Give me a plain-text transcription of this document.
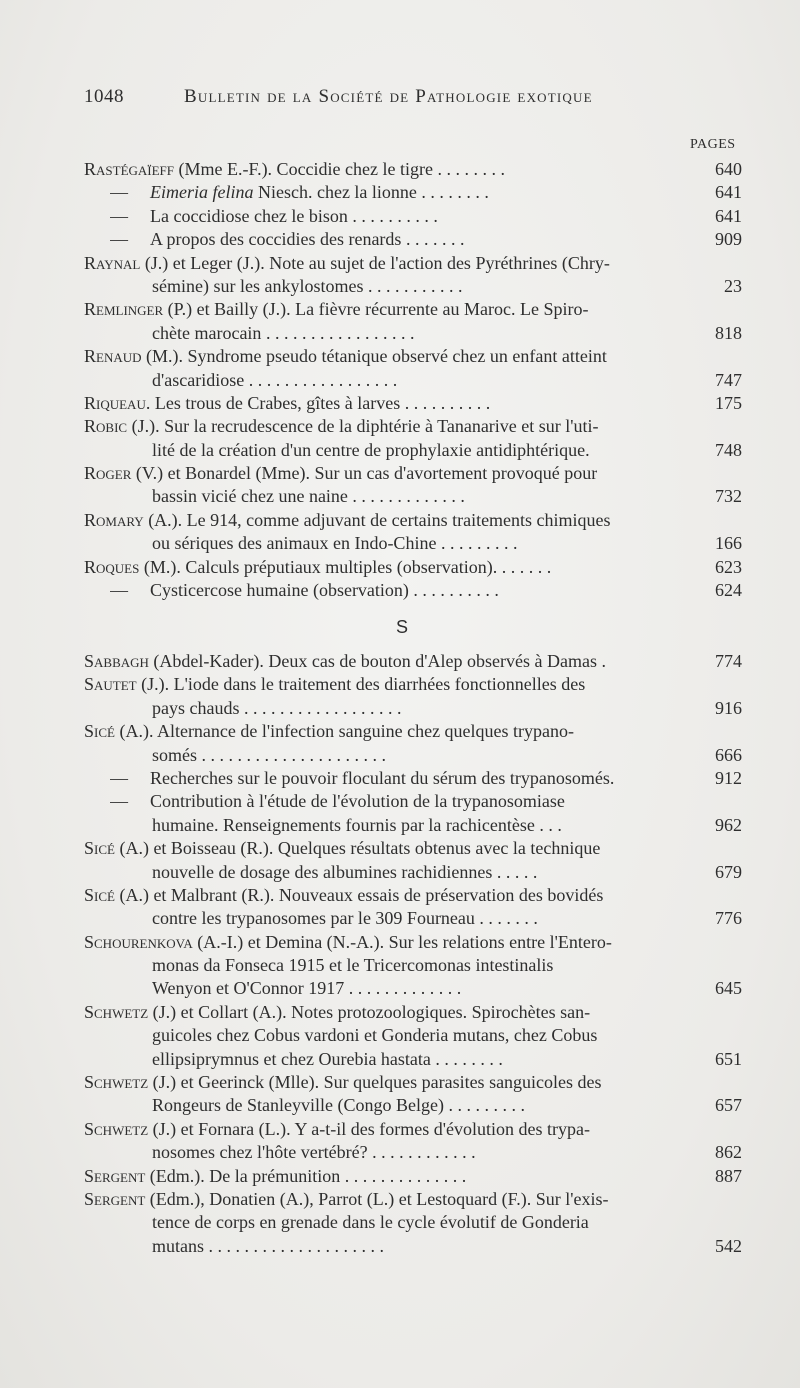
1048	Bulletin de la Société de Pathologie exotique
PAGES
Rastégaïeff (Mme E.-F.). Coccidie chez le tigre . . . . . . . .	640
— Eimeria felina Niesch. chez la lionne . . . . . . . .	641
— La coccidiose chez le bison . . . . . . . . . .	641
— A propos des coccidies des renards . . . . . . .	909
Raynal (J.) et Leger (J.). Note au sujet de l'action des Pyréthrines (Chry-
sémine) sur les ankylostomes . . . . . . . . . . .	23
Remlinger (P.) et Bailly (J.). La fièvre récurrente au Maroc. Le Spiro-
chète marocain . . . . . . . . . . . . . . . . .	818
Renaud (M.). Syndrome pseudo tétanique observé chez un enfant atteint
d'ascaridiose . . . . . . . . . . . . . . . . .	747
Riqueau. Les trous de Crabes, gîtes à larves . . . . . . . . . .	175
Robic (J.). Sur la recrudescence de la diphtérie à Tananarive et sur l'uti-
lité de la création d'un centre de prophylaxie antidiphtérique.	748
Roger (V.) et Bonardel (Mme). Sur un cas d'avortement provoqué pour
bassin vicié chez une naine . . . . . . . . . . . . .	732
Romary (A.). Le 914, comme adjuvant de certains traitements chimiques
ou sériques des animaux en Indo-Chine . . . . . . . . .	166
Roques (M.). Calculs préputiaux multiples (observation). . . . . . .	623
— Cysticercose humaine (observation) . . . . . . . . . .	624
S
Sabbagh (Abdel-Kader). Deux cas de bouton d'Alep observés à Damas .	774
Sautet (J.). L'iode dans le traitement des diarrhées fonctionnelles des
pays chauds . . . . . . . . . . . . . . . . . .	916
Sicé (A.). Alternance de l'infection sanguine chez quelques trypano-
somés . . . . . . . . . . . . . . . . . . . . .	666
— Recherches sur le pouvoir floculant du sérum des trypanosomés.	912
— Contribution à l'étude de l'évolution de la trypanosomiase
humaine. Renseignements fournis par la rachicentèse . . .	962
Sicé (A.) et Boisseau (R.). Quelques résultats obtenus avec la technique
nouvelle de dosage des albumines rachidiennes . . . . .	679
Sicé (A.) et Malbrant (R.). Nouveaux essais de préservation des bovidés
contre les trypanosomes par le 309 Fourneau . . . . . . .	776
Schourenkova (A.-I.) et Demina (N.-A.). Sur les relations entre l'Entero-
monas da Fonseca 1915 et le Tricercomonas intestinalis
Wenyon et O'Connor 1917 . . . . . . . . . . . . .	645
Schwetz (J.) et Collart (A.). Notes protozoologiques. Spirochètes san-
guicoles chez Cobus vardoni et Gonderia mutans, chez Cobus
ellipsiprymnus et chez Ourebia hastata . . . . . . . .	651
Schwetz (J.) et Geerinck (Mlle). Sur quelques parasites sanguicoles des
Rongeurs de Stanleyville (Congo Belge) . . . . . . . . .	657
Schwetz (J.) et Fornara (L.). Y a-t-il des formes d'évolution des trypa-
nosomes chez l'hôte vertébré? . . . . . . . . . . . .	862
Sergent (Edm.). De la prémunition . . . . . . . . . . . . . .	887
Sergent (Edm.), Donatien (A.), Parrot (L.) et Lestoquard (F.). Sur l'exis-
tence de corps en grenade dans le cycle évolutif de Gonderia
mutans . . . . . . . . . . . . . . . . . . . .	542
